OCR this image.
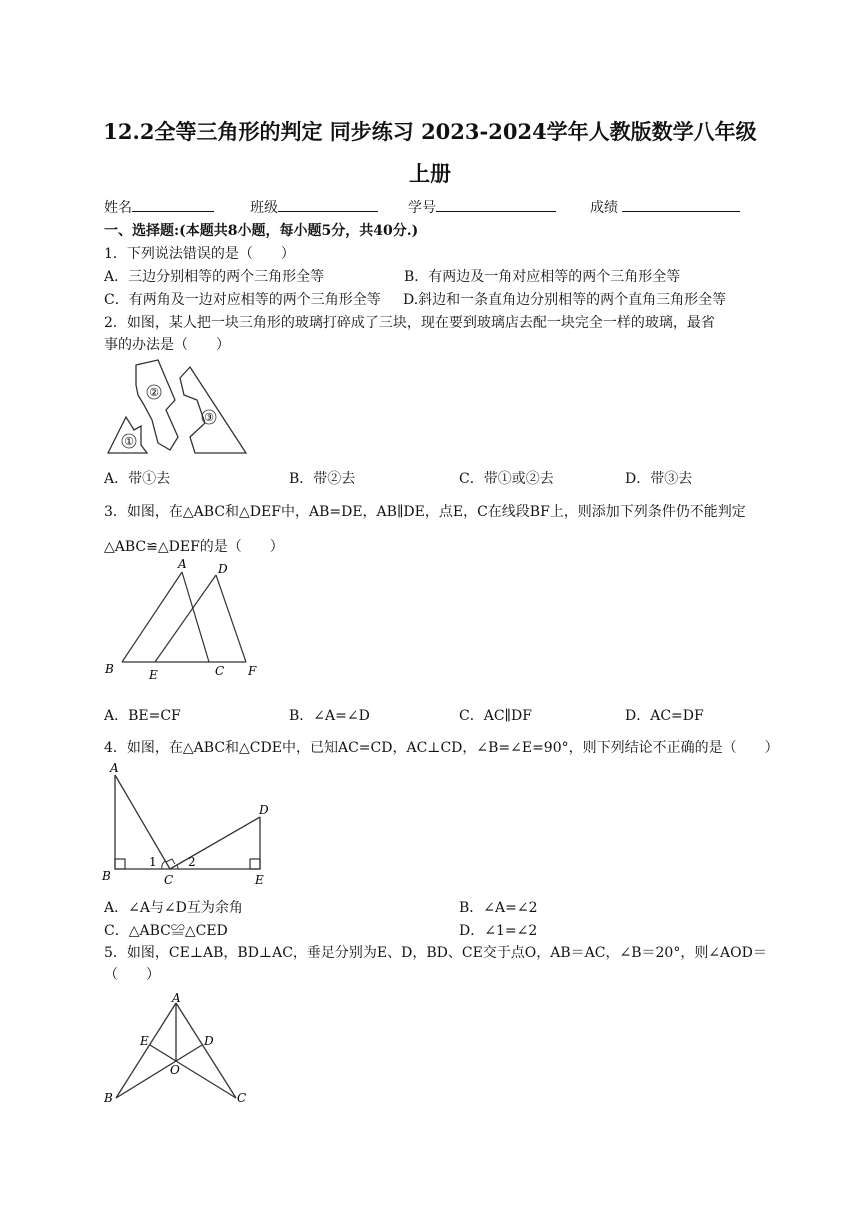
12.2全等三角形的判定 同步练习 2023-2024学年人教版数学八年级
上册
姓名	班级	学号	成绩
一、选择题:(本题共8小题，每小题5分，共40分.)
1．下列说法错误的是（　　）
A．三边分别相等的两个三角形全等	B．有两边及一角对应相等的两个三角形全等
C．有两角及一边对应相等的两个三角形全等 D.斜边和一条直角边分别相等的两个直角三角形全等
2．如图，某人把一块三角形的玻璃打碎成了三块，现在要到玻璃店去配一块完全一样的玻璃，最省
事的办法是（　　）
①
②
③
A．带①去	B．带②去	C．带①或②去	D．带③去
3．如图，在△ABC和△DEF中，AB=DE，AB∥DE，点E，C在线段BF上，则添加下列条件仍不能判定
△ABC≌△DEF的是（　　）
A	D
B	E	C F
A．BE=CF	B．∠A=∠D	C．AC∥DF	D．AC=DF
4．如图，在△ABC和△CDE中，已知AC=CD，AC⊥CD，∠B=∠E=90°，则下列结论不正确的是（　　）
A
D
B	C	E
1	2
A．∠A与∠D互为余角	B．∠A=∠2
C．△ABC≌△CED	D．∠1=∠2
5．如图，CE⊥AB，BD⊥AC，垂足分别为E、D，BD、CE交于点O，AB＝AC，∠B＝20°，则∠AOD＝
（　　）
A
E	D
O
B	C
